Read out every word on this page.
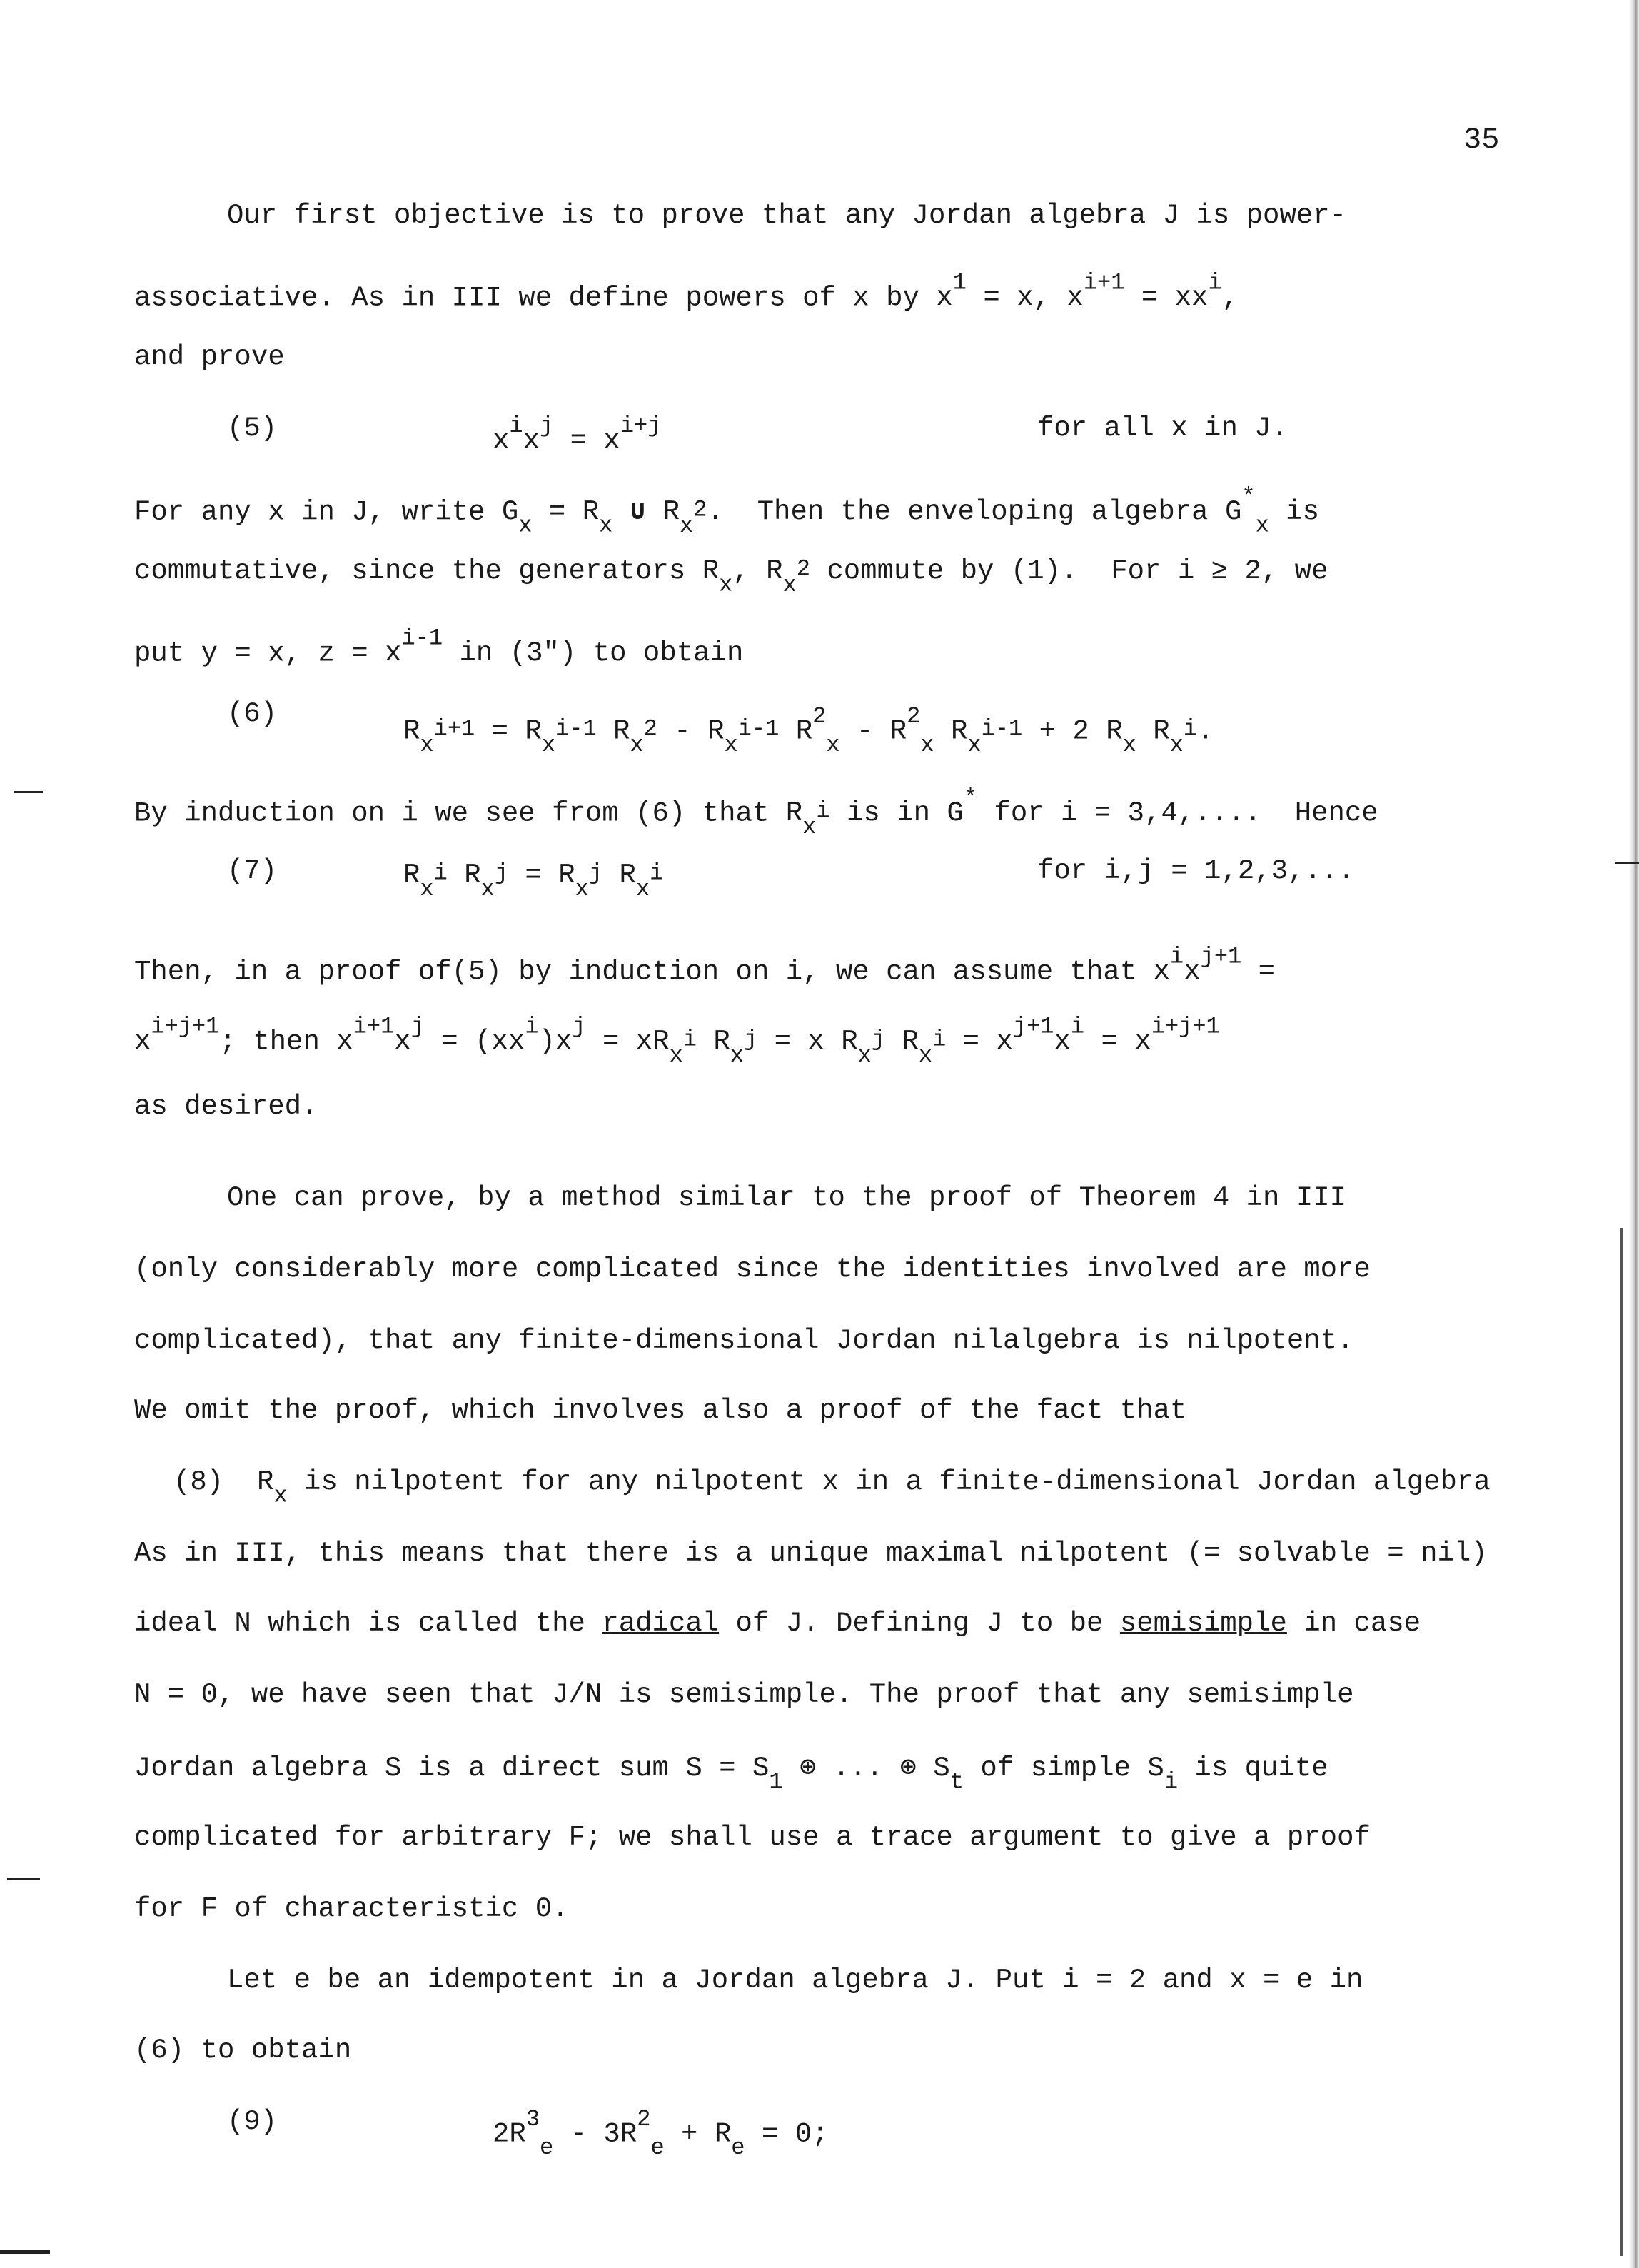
35
Our first objective is to prove that any Jordan algebra J is power-
associative. As in III we define powers of x by $x^1 = x$, $x^{i+1} = xx^i$,
and prove
(5)	$x^ix^j = x^{i+j}$	for all x in J.
For any x in J, write $G_x = R_x$ ∪ $R_{x^2}$.  Then the enveloping algebra $G^*_x$ is
commutative, since the generators $R_x$, $R_{x^2}$ commute by (1).  For i ≥ 2, we
put y = x, $z = x^{i-1}$ in (3") to obtain
(6)
$R_{x^{i+1}} = R_{x^{i-1}}$ $R_{x^2} - R_{x^{i-1}}$ $R^2_x - R^2_x$ $R_{x^{i-1}} + 2$ $R_x$ $R_{x^i}$.
By induction on i we see from (6) that $R_{x^i}$ is in G* for i = 3,4,....  Hence
(7)	$R_{x^i}$ $R_{x^j} = R_{x^j}$ $R_{x^i}$	for i,j = 1,2,3,...
Then, in a proof of(5) by induction on i, we can assume that $x^ix^{j+1}$ =
$x^{i+j+1}$; then $x^{i+1}x^j = (xx^i)x^j = xR_{x^i}$ $R_{x^j} = x$ $R_{x^j}$ $R_{x^i} = x^{j+1}x^i = x^{i+j+1}$
as desired.
One can prove, by a method similar to the proof of Theorem 4 in III
(only considerably more complicated since the identities involved are more
complicated), that any finite-dimensional Jordan nilalgebra is nilpotent.
We omit the proof, which involves also a proof of the fact that
(8) $R_x$ is nilpotent for any nilpotent x in a finite-dimensional Jordan algebra
As in III, this means that there is a unique maximal nilpotent (= solvable = nil)
ideal N which is called the radical of J. Defining J to be semisimple in case
N = 0, we have seen that J/N is semisimple. The proof that any semisimple
Jordan algebra S is a direct sum $S = S_1$ ⊕ ... ⊕ $S_t$ of simple $S_i$ is quite
complicated for arbitrary F; we shall use a trace argument to give a proof
for F of characteristic 0.
Let e be an idempotent in a Jordan algebra J. Put i = 2 and x = e in
(6) to obtain
(9)	$2R^3_e - 3R^2_e + R_e = 0$;
